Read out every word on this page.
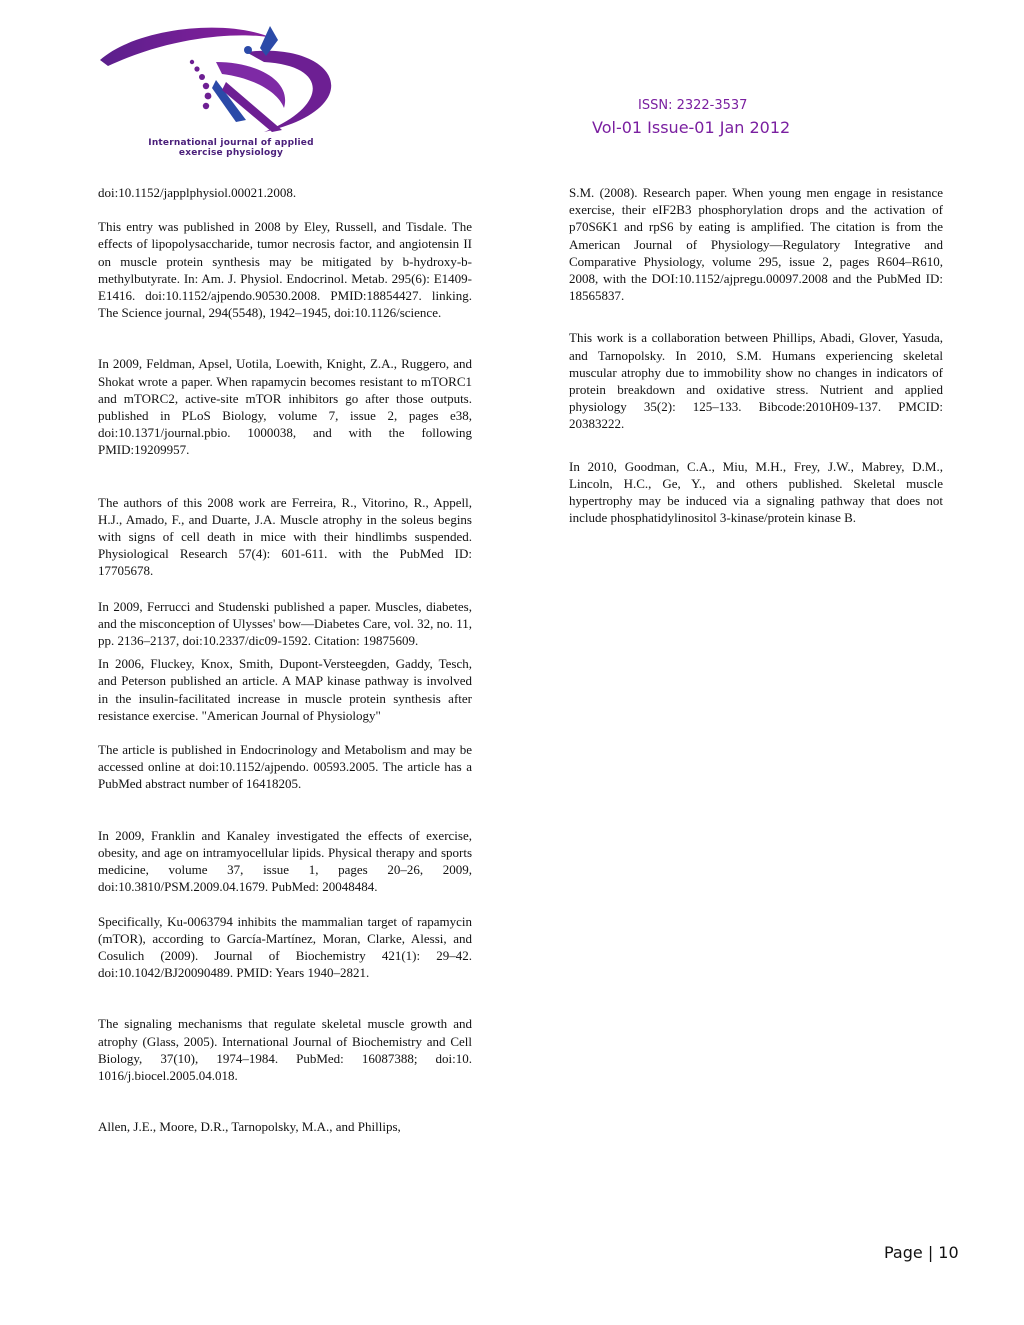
International journal of applied
exercise physiology
ISSN: 2322-3537
Vol-01 Issue-01 Jan 2012

doi:10.1152/japplphysiol.00021.2008.

This entry was published in 2008 by Eley, Russell, and Tisdale. The effects of lipopolysaccharide, tumor necrosis factor, and angiotensin II on muscle protein synthesis may be mitigated by b-hydroxy-b-methylbutyrate. In: Am. J. Physiol. Endocrinol. Metab. 295(6): E1409-E1416. doi:10.1152/ajpendo.90530.2008. PMID:18854427. linking. The Science journal, 294(5548), 1942–1945, doi:10.1126/science.

In 2009, Feldman, Apsel, Uotila, Loewith, Knight, Z.A., Ruggero, and Shokat wrote a paper. When rapamycin becomes resistant to mTORC1 and mTORC2, active-site mTOR inhibitors go after those outputs. published in PLoS Biology, volume 7, issue 2, pages e38, doi:10.1371/journal.pbio. 1000038, and with the following PMID:19209957.

The authors of this 2008 work are Ferreira, R., Vitorino, R., Appell, H.J., Amado, F., and Duarte, J.A. Muscle atrophy in the soleus begins with signs of cell death in mice with their hindlimbs suspended. Physiological Research 57(4): 601-611. with the PubMed ID: 17705678.

In 2009, Ferrucci and Studenski published a paper. Muscles, diabetes, and the misconception of Ulysses' bow—Diabetes Care, vol. 32, no. 11, pp. 2136–2137, doi:10.2337/dic09-1592. Citation: 19875609.

In 2006, Fluckey, Knox, Smith, Dupont-Versteegden, Gaddy, Tesch, and Peterson published an article. A MAP kinase pathway is involved in the insulin-facilitated increase in muscle protein synthesis after resistance exercise. "American Journal of Physiology"

The article is published in Endocrinology and Metabolism and may be accessed online at doi:10.1152/ajpendo. 00593.2005. The article has a PubMed abstract number of 16418205.

In 2009, Franklin and Kanaley investigated the effects of exercise, obesity, and age on intramyocellular lipids. Physical therapy and sports medicine, volume 37, issue 1, pages 20–26, 2009, doi:10.3810/PSM.2009.04.1679. PubMed: 20048484.

Specifically, Ku-0063794 inhibits the mammalian target of rapamycin (mTOR), according to García-Martínez, Moran, Clarke, Alessi, and Cosulich (2009). Journal of Biochemistry 421(1): 29–42. doi:10.1042/BJ20090489. PMID: Years 1940–2821.

The signaling mechanisms that regulate skeletal muscle growth and atrophy (Glass, 2005). International Journal of Biochemistry and Cell Biology, 37(10), 1974–1984. PubMed: 16087388; doi:10. 1016/j.biocel.2005.04.018.

Allen, J.E., Moore, D.R., Tarnopolsky, M.A., and Phillips,

S.M. (2008). Research paper. When young men engage in resistance exercise, their eIF2B3 phosphorylation drops and the activation of p70S6K1 and rpS6 by eating is amplified. The citation is from the American Journal of Physiology—Regulatory Integrative and Comparative Physiology, volume 295, issue 2, pages R604–R610, 2008, with the DOI:10.1152/ajpregu.00097.2008 and the PubMed ID: 18565837.

This work is a collaboration between Phillips, Abadi, Glover, Yasuda, and Tarnopolsky. In 2010, S.M. Humans experiencing skeletal muscular atrophy due to immobility show no changes in indicators of protein breakdown and oxidative stress. Nutrient and applied physiology 35(2): 125–133. Bibcode:2010H09-137. PMCID: 20383222.

In 2010, Goodman, C.A., Miu, M.H., Frey, J.W., Mabrey, D.M., Lincoln, H.C., Ge, Y., and others published. Skeletal muscle hypertrophy may be induced via a signaling pathway that does not include phosphatidylinositol 3-kinase/protein kinase B.

Page | 10
